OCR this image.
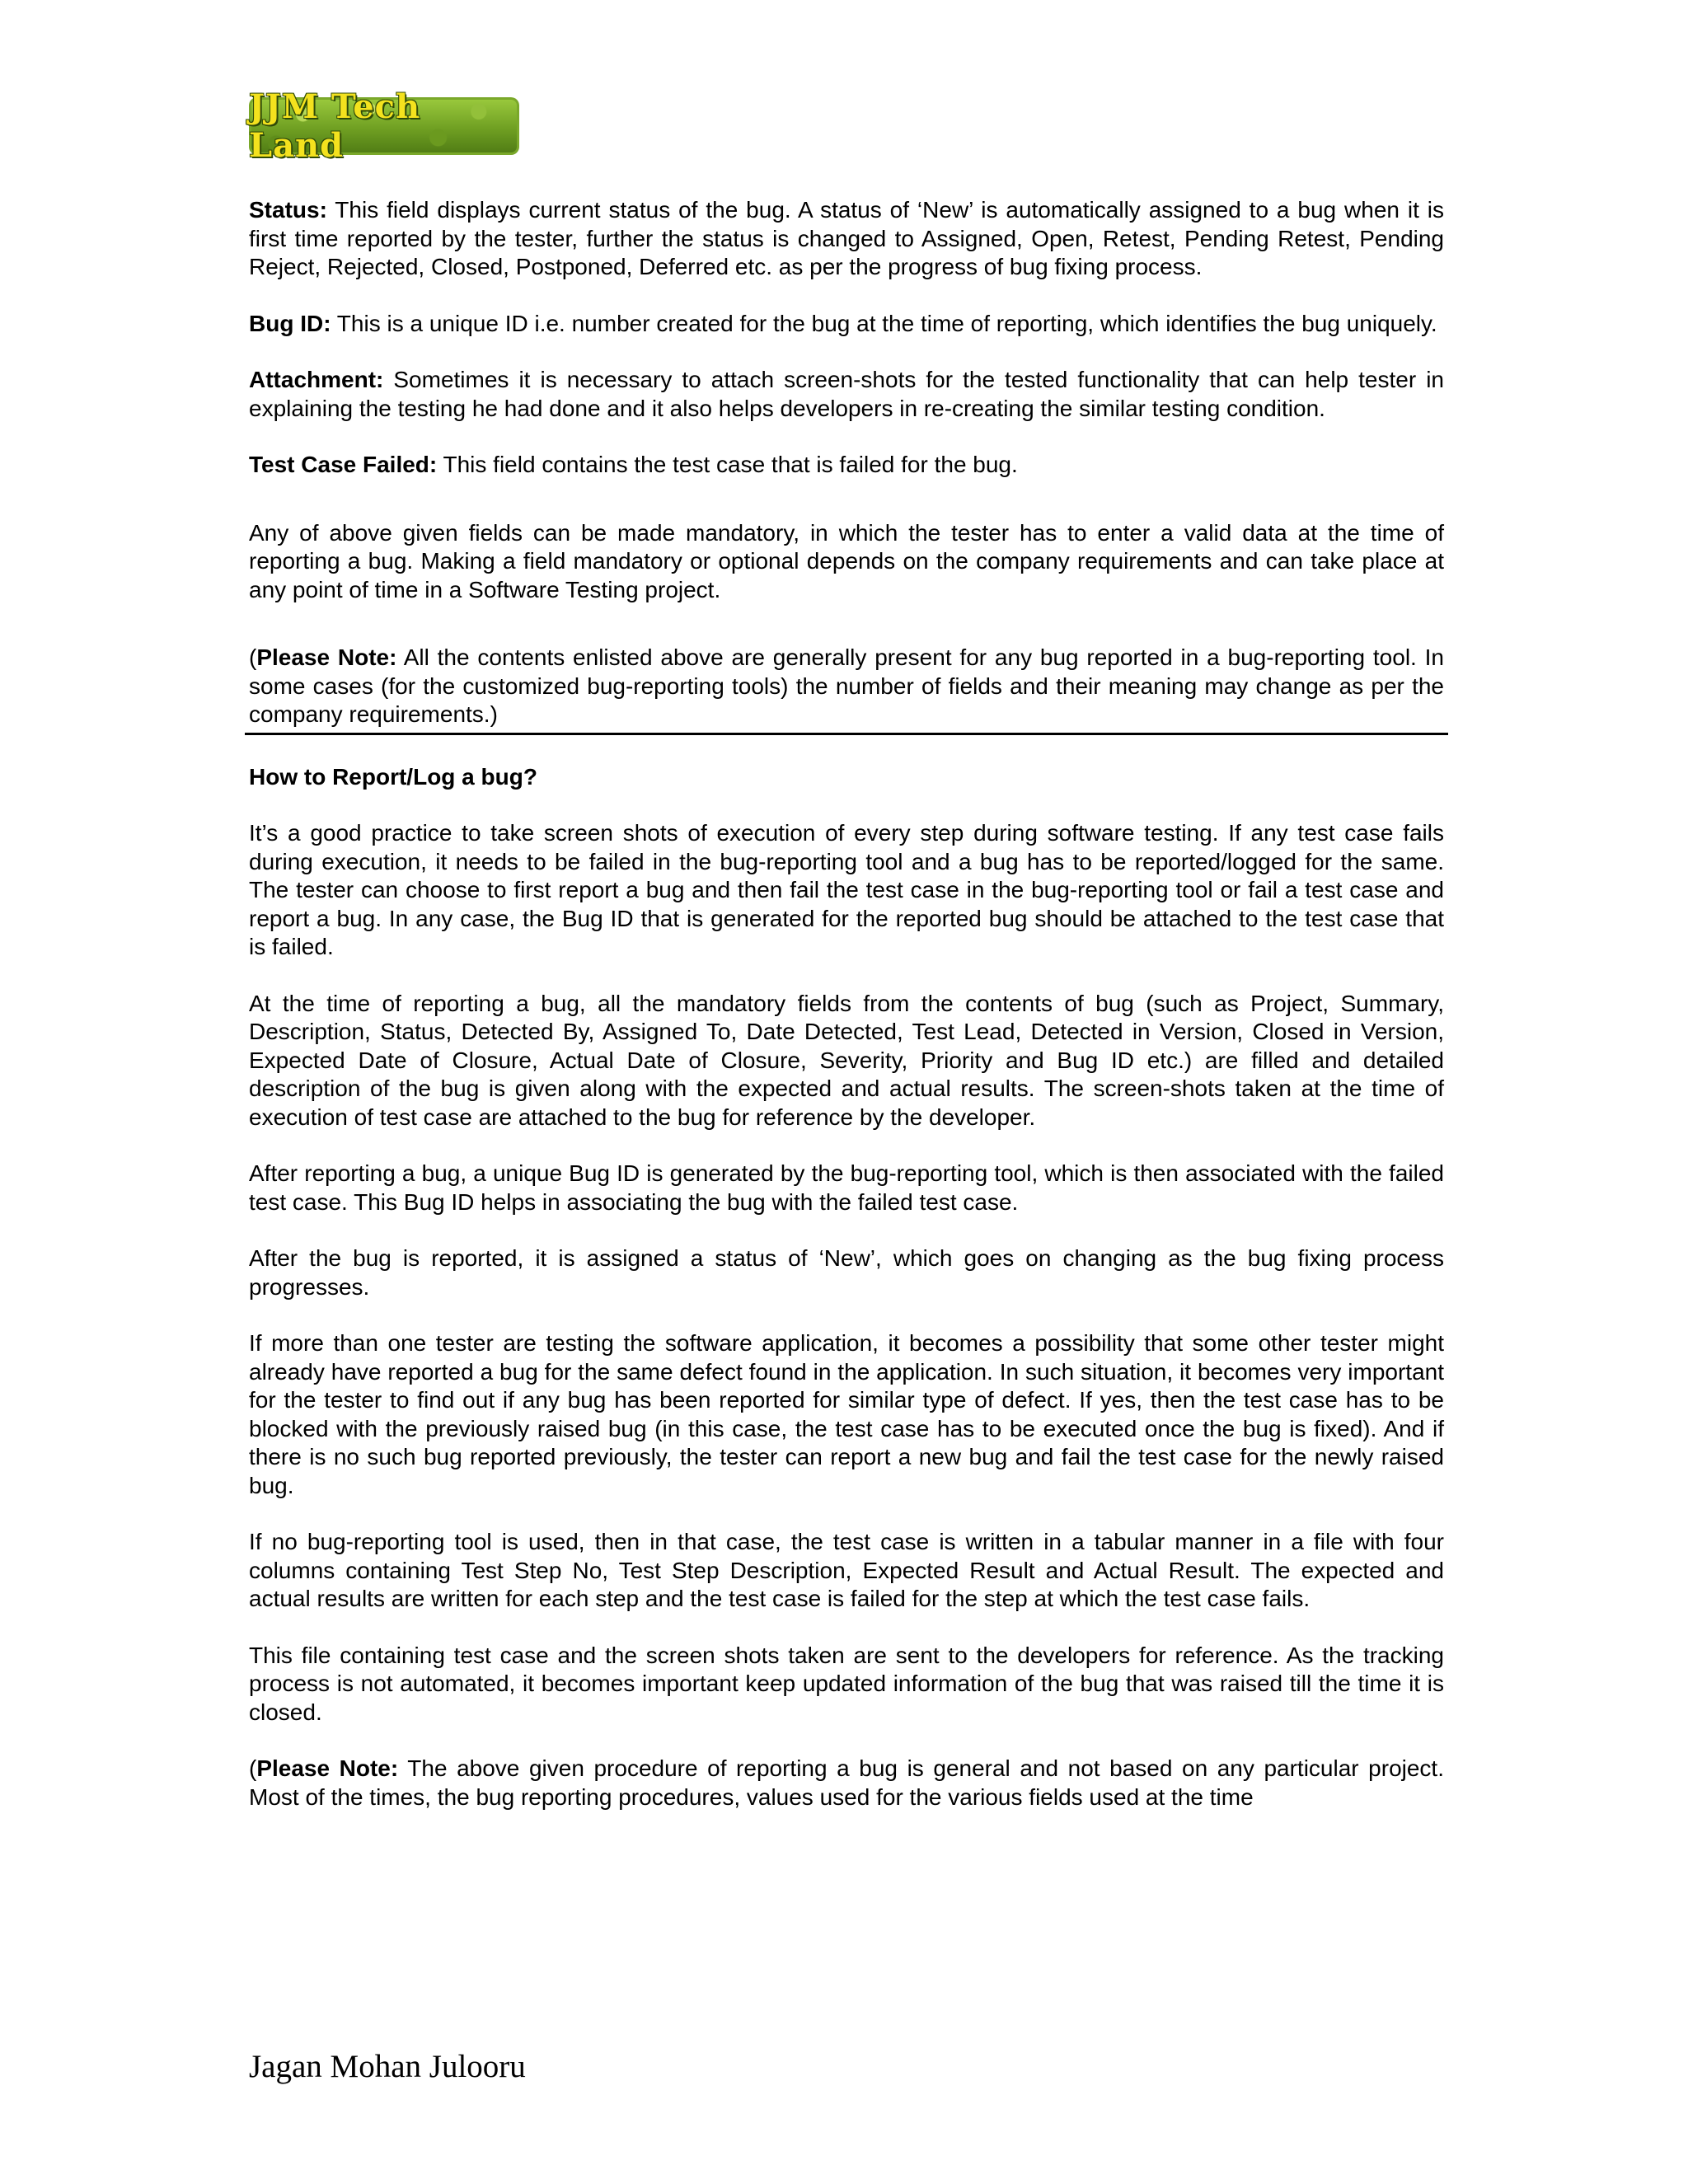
JJM Tech Land

Status: This field displays current status of the bug. A status of ‘New’ is automatically assigned to a bug when it is first time reported by the tester, further the status is changed to Assigned, Open, Retest, Pending Retest, Pending Reject, Rejected, Closed, Postponed, Deferred etc. as per the progress of bug fixing process.

Bug ID: This is a unique ID i.e. number created for the bug at the time of reporting, which identifies the bug uniquely.

Attachment: Sometimes it is necessary to attach screen-shots for the tested functionality that can help tester in explaining the testing he had done and it also helps developers in re-creating the similar testing condition.

Test Case Failed: This field contains the test case that is failed for the bug.

Any of above given fields can be made mandatory, in which the tester has to enter a valid data at the time of reporting a bug. Making a field mandatory or optional depends on the company requirements and can take place at any point of time in a Software Testing project.

(Please Note: All the contents enlisted above are generally present for any bug reported in a bug-reporting tool. In some cases (for the customized bug-reporting tools) the number of fields and their meaning may change as per the company requirements.)

How to Report/Log a bug?

It’s a good practice to take screen shots of execution of every step during software testing. If any test case fails during execution, it needs to be failed in the bug-reporting tool and a bug has to be reported/logged for the same. The tester can choose to first report a bug and then fail the test case in the bug-reporting tool or fail a test case and report a bug. In any case, the Bug ID that is generated for the reported bug should be attached to the test case that is failed.

At the time of reporting a bug, all the mandatory fields from the contents of bug (such as Project, Summary, Description, Status, Detected By, Assigned To, Date Detected, Test Lead, Detected in Version, Closed in Version, Expected Date of Closure, Actual Date of Closure, Severity, Priority and Bug ID etc.) are filled and detailed description of the bug is given along with the expected and actual results. The screen-shots taken at the time of execution of test case are attached to the bug for reference by the developer.

After reporting a bug, a unique Bug ID is generated by the bug-reporting tool, which is then associated with the failed test case. This Bug ID helps in associating the bug with the failed test case.

After the bug is reported, it is assigned a status of ‘New’, which goes on changing as the bug fixing process progresses.

If more than one tester are testing the software application, it becomes a possibility that some other tester might already have reported a bug for the same defect found in the application. In such situation, it becomes very important for the tester to find out if any bug has been reported for similar type of defect. If yes, then the test case has to be blocked with the previously raised bug (in this case, the test case has to be executed once the bug is fixed). And if there is no such bug reported previously, the tester can report a new bug and fail the test case for the newly raised bug.

If no bug-reporting tool is used, then in that case, the test case is written in a tabular manner in a file with four columns containing Test Step No, Test Step Description, Expected Result and Actual Result. The expected and actual results are written for each step and the test case is failed for the step at which the test case fails.

This file containing test case and the screen shots taken are sent to the developers for reference. As the tracking process is not automated, it becomes important keep updated information of the bug that was raised till the time it is closed.

(Please Note: The above given procedure of reporting a bug is general and not based on any particular project. Most of the times, the bug reporting procedures, values used for the various fields used at the time

Jagan Mohan Julooru
